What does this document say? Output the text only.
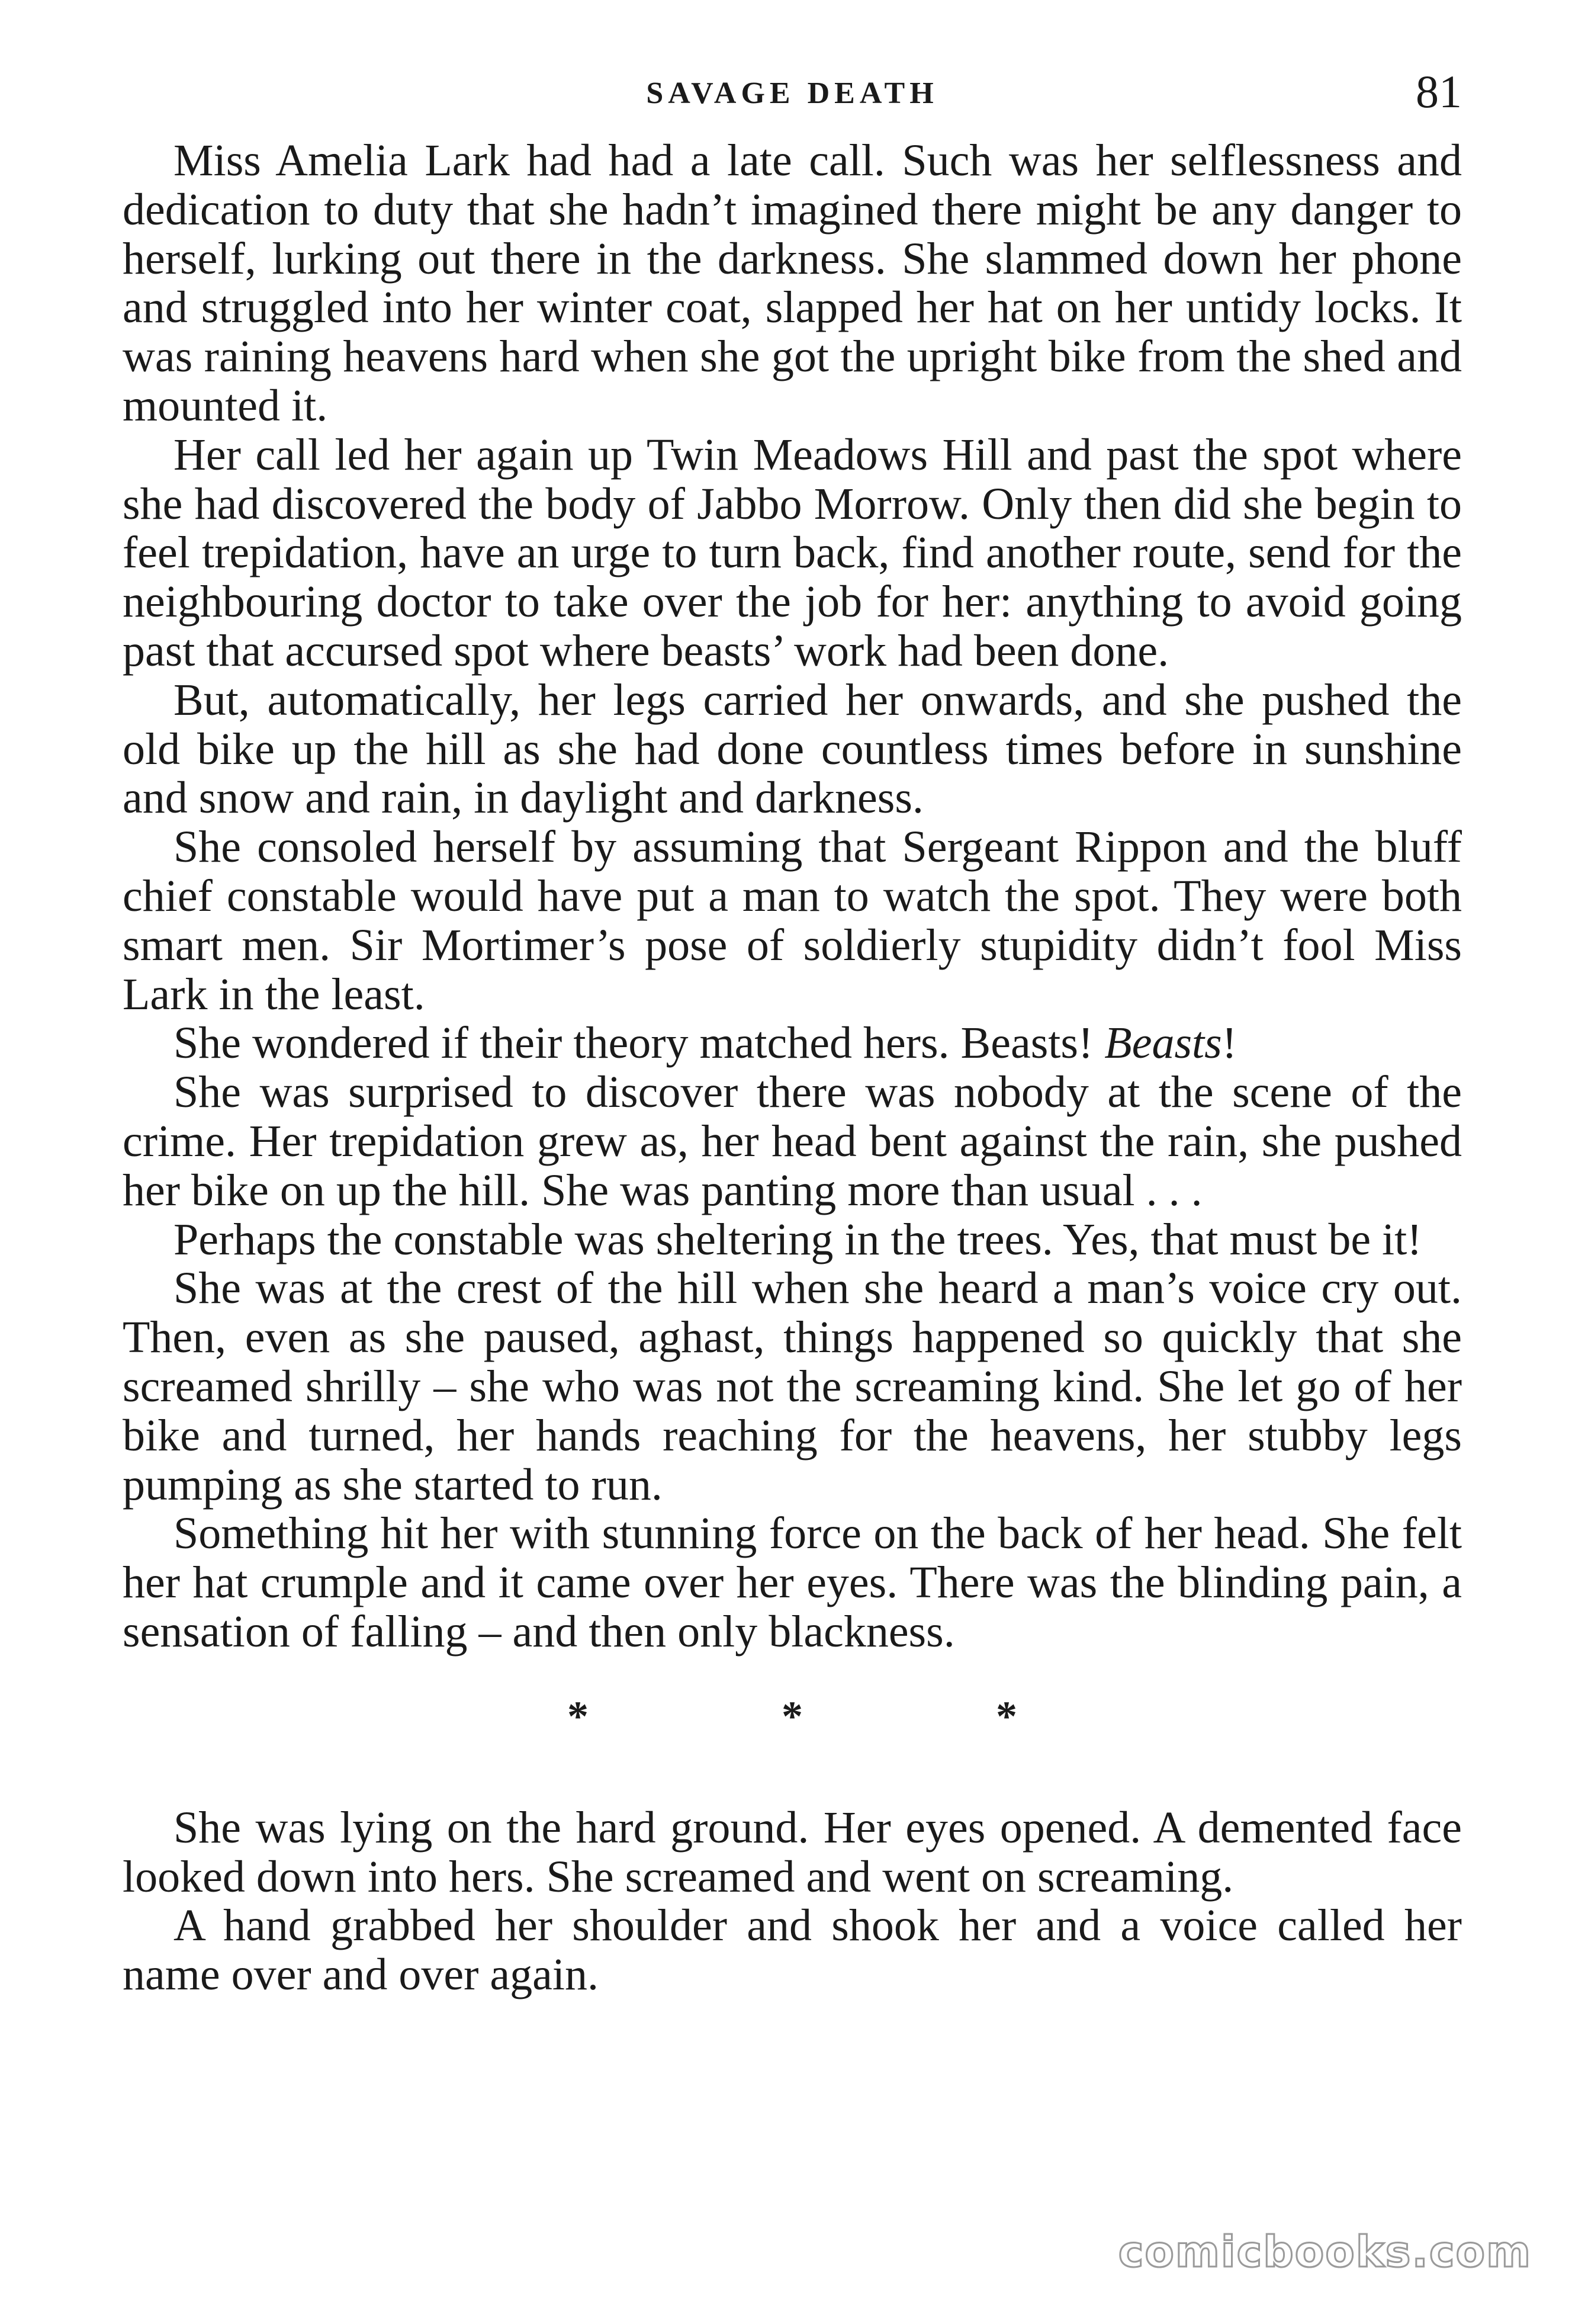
SAVAGE DEATH	81

Miss Amelia Lark had had a late call. Such was her selflessness and dedication to duty that she hadn’t imagined there might be any danger to herself, lurking out there in the darkness. She slammed down her phone and struggled into her winter coat, slapped her hat on her untidy locks. It was raining heavens hard when she got the upright bike from the shed and mounted it.

Her call led her again up Twin Meadows Hill and past the spot where she had discovered the body of Jabbo Morrow. Only then did she begin to feel trepidation, have an urge to turn back, find another route, send for the neighbouring doctor to take over the job for her: anything to avoid going past that accursed spot where beasts’ work had been done.

But, automatically, her legs carried her onwards, and she pushed the old bike up the hill as she had done countless times before in sunshine and snow and rain, in daylight and darkness.

She consoled herself by assuming that Sergeant Rippon and the bluff chief constable would have put a man to watch the spot. They were both smart men. Sir Mortimer’s pose of soldierly stupidity didn’t fool Miss Lark in the least.

She wondered if their theory matched hers. Beasts! Beasts!

She was surprised to discover there was nobody at the scene of the crime. Her trepidation grew as, her head bent against the rain, she pushed her bike on up the hill. She was panting more than usual . . .

Perhaps the constable was sheltering in the trees. Yes, that must be it!

She was at the crest of the hill when she heard a man’s voice cry out. Then, even as she paused, aghast, things happened so quickly that she screamed shrilly – she who was not the screaming kind. She let go of her bike and turned, her hands reaching for the heavens, her stubby legs pumping as she started to run.

Something hit her with stunning force on the back of her head. She felt her hat crumple and it came over her eyes. There was the blinding pain, a sensation of falling – and then only blackness.

*	*	*

She was lying on the hard ground. Her eyes opened. A demented face looked down into hers. She screamed and went on screaming.

A hand grabbed her shoulder and shook her and a voice called her name over and over again.

comicbooks.com
